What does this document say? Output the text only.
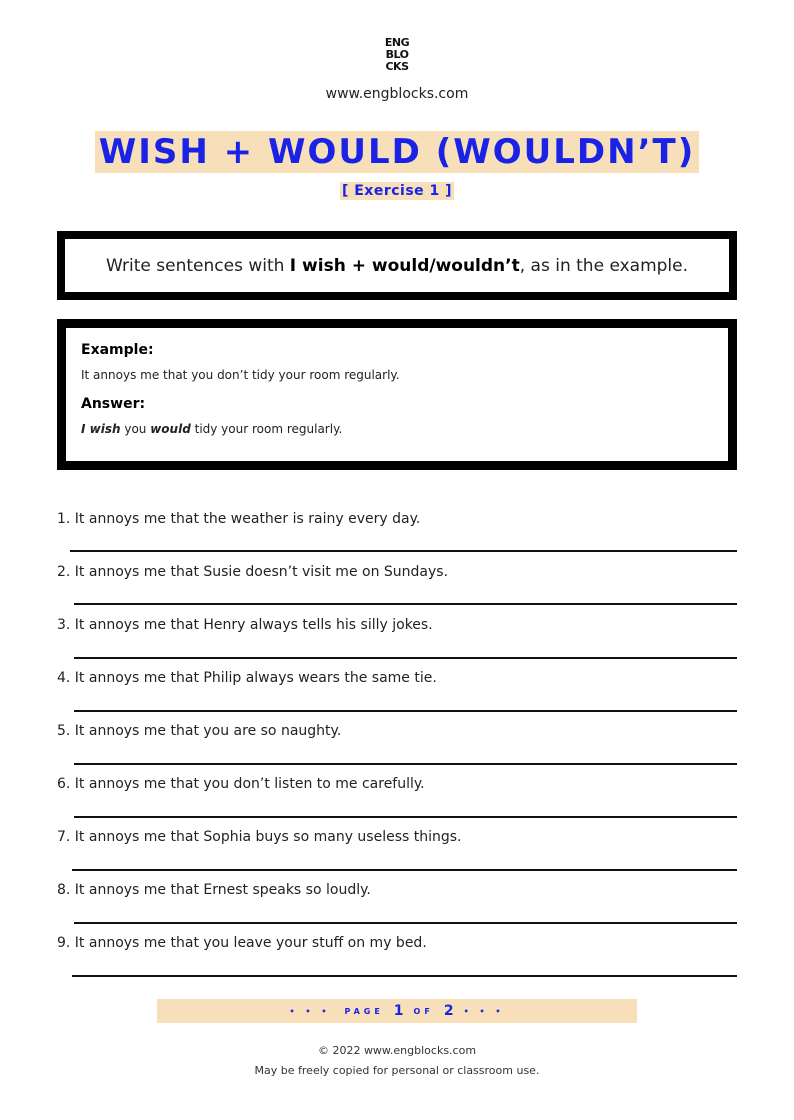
ENG
BLO
CKS
www.engblocks.com
WISH + WOULD (WOULDN’T)
[ Exercise 1 ]
Write sentences with I wish + would/wouldn’t, as in the example.
Example:
It annoys me that you don’t tidy your room regularly.
Answer:
I wish you would tidy your room regularly.
1. It annoys me that the weather is rainy every day.
2. It annoys me that Susie doesn’t visit me on Sundays.
3. It annoys me that Henry always tells his silly jokes.
4. It annoys me that Philip always wears the same tie.
5. It annoys me that you are so naughty.
6. It annoys me that you don’t listen to me carefully.
7. It annoys me that Sophia buys so many useless things.
8. It annoys me that Ernest speaks so loudly.
9. It annoys me that you leave your stuff on my bed.
• • • PAGE 1 OF 2 • • •
© 2022 www.engblocks.com
May be freely copied for personal or classroom use.
